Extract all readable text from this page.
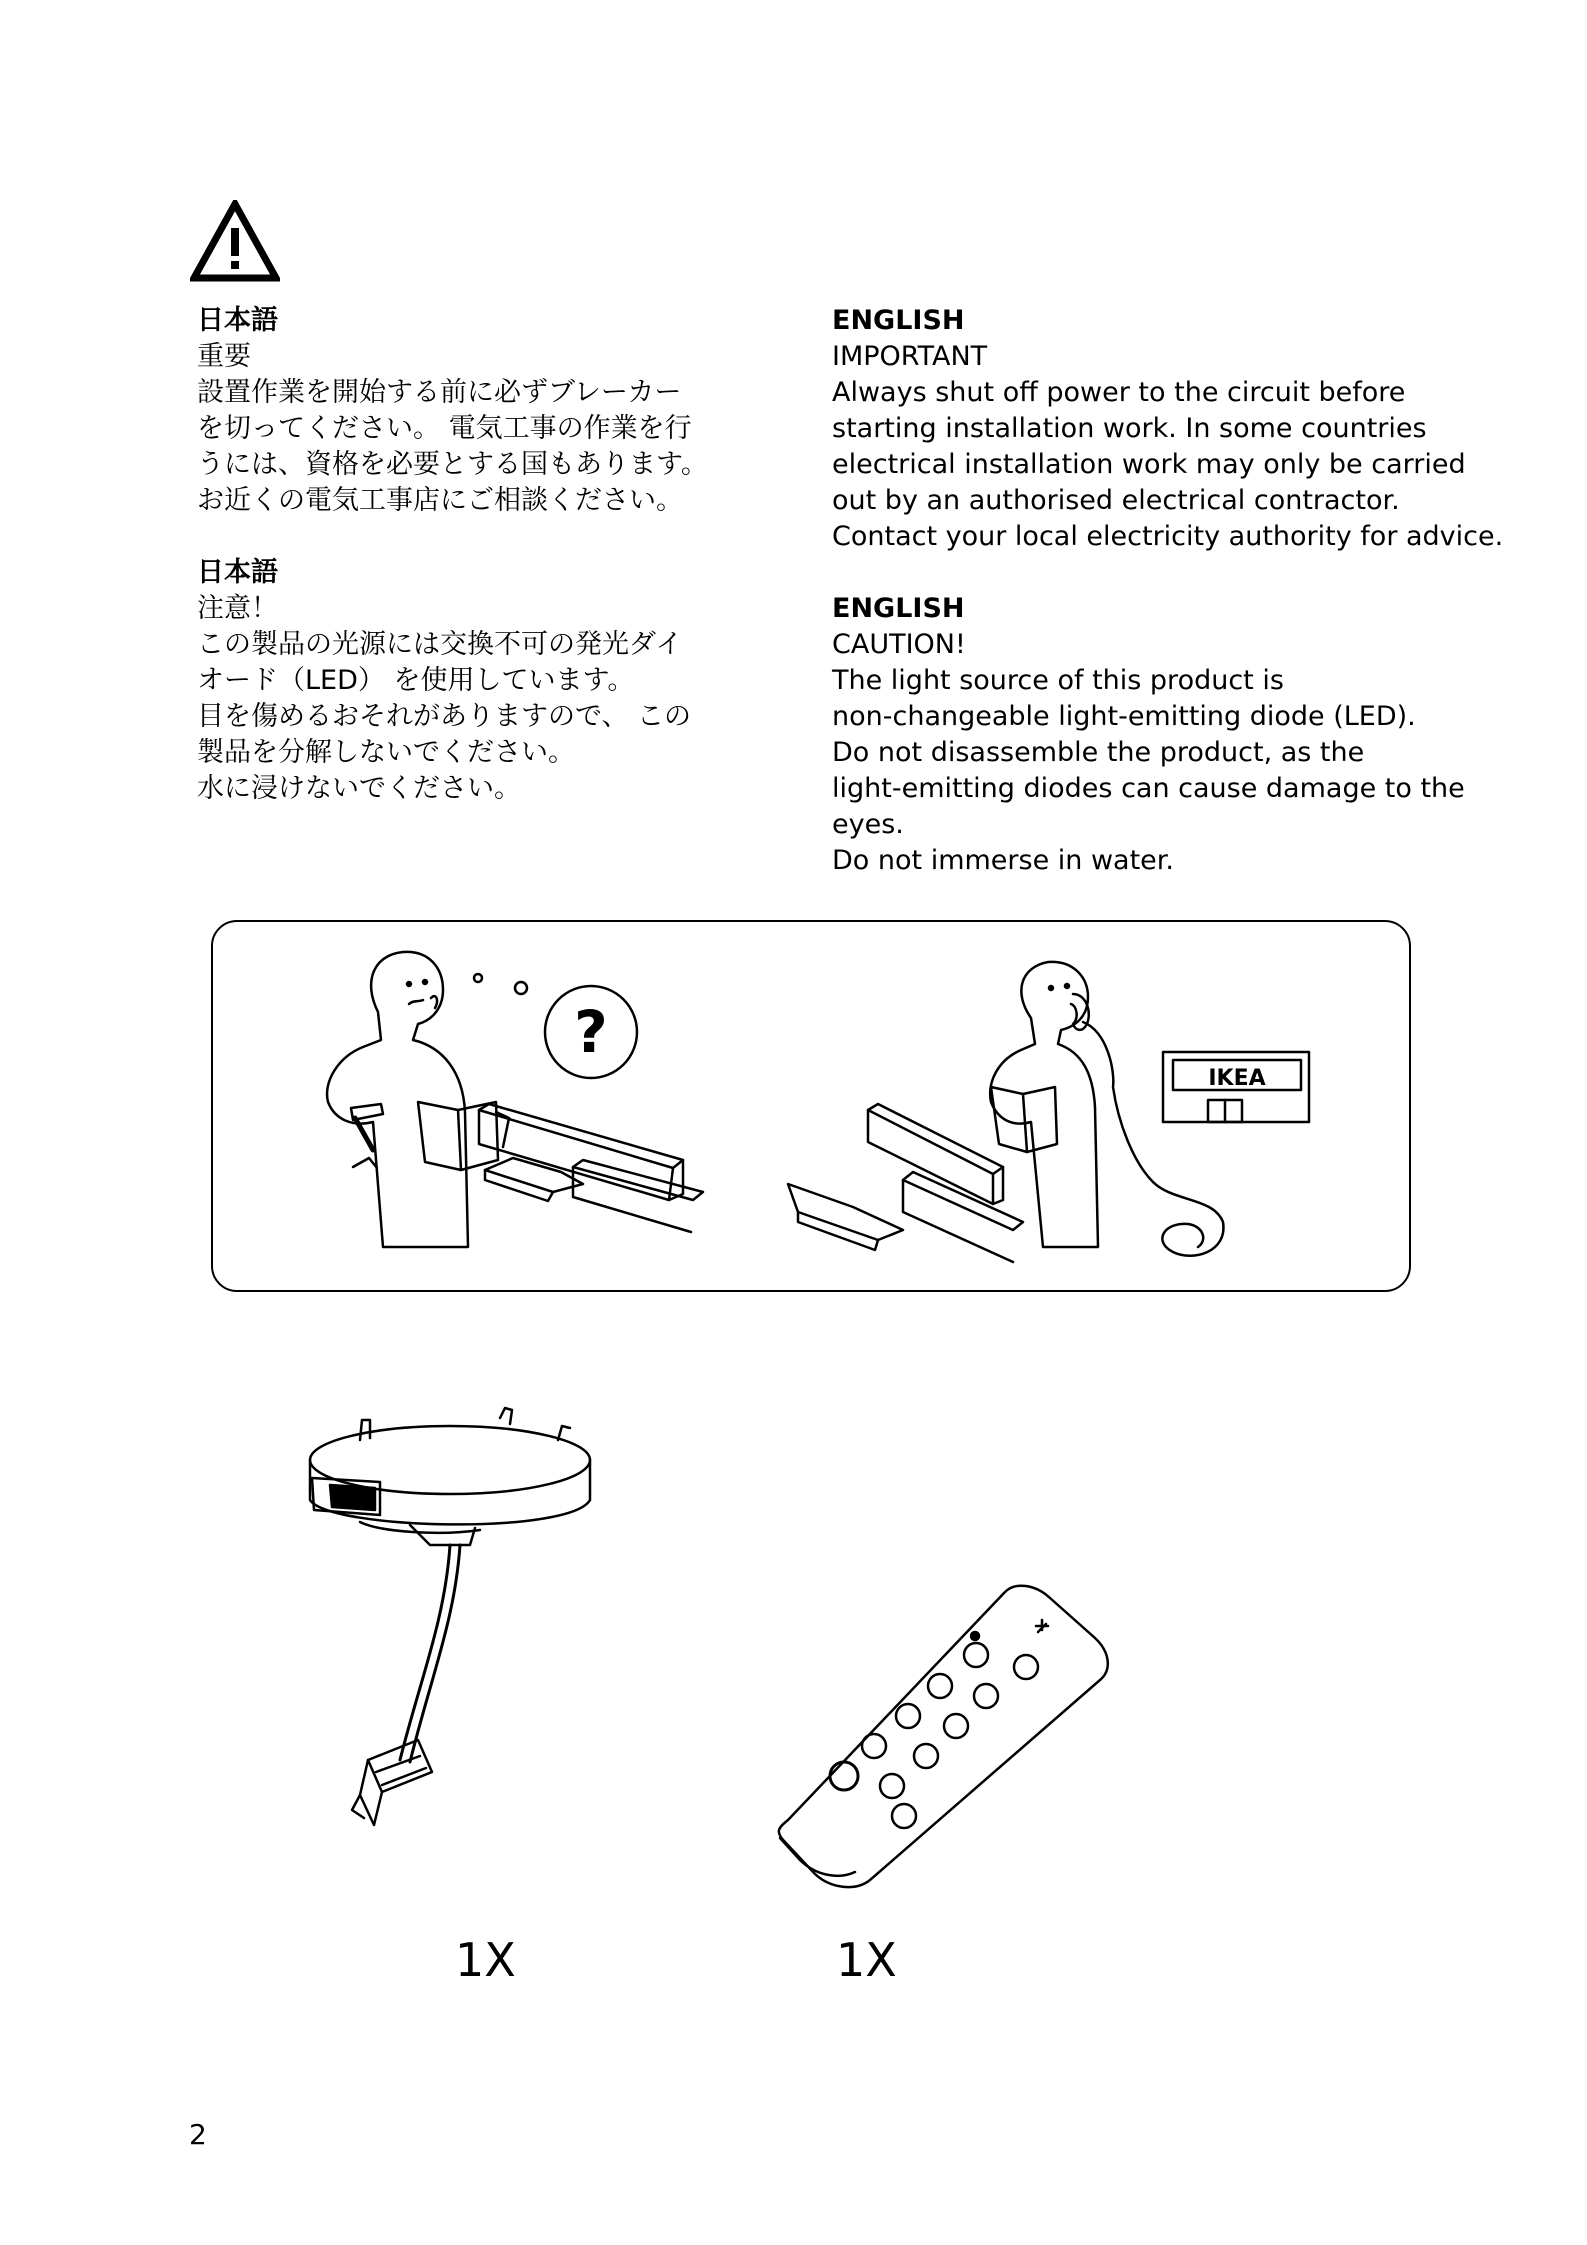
日本語
重要
設置作業を開始する前に必ずブレーカー
を切ってください。 電気工事の作業を行
うには、資格を必要とする国もあります。
お近くの電気工事店にご相談ください。
日本語
注意！
この製品の光源には交換不可の発光ダイ
オード（LED） を使用しています。
目を傷めるおそれがありますので、 この
製品を分解しないでください。
水に浸けないでください。
ENGLISH
IMPORTANT
Always shut off power to the circuit before
starting installation work. In some countries
electrical installation work may only be carried
out by an authorised electrical contractor.
Contact your local electricity authority for advice.
ENGLISH
CAUTION!
The light source of this product is
non-changeable light-emitting diode (LED).
Do not disassemble the product, as the
light-emitting diodes can cause damage to the
eyes.
Do not immerse in water.
?
IKEA
1X	1X
2
